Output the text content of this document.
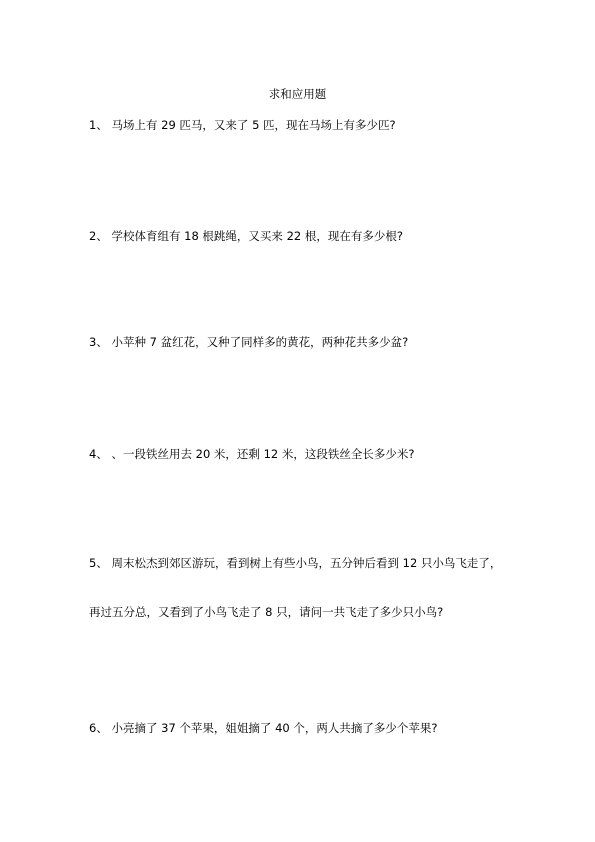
求和应用题
1、 马场上有 29 匹马，又来了 5 匹，现在马场上有多少匹?
2、 学校体育组有 18 根跳绳，又买来 22 根，现在有多少根?
3、 小苹种 7 盆红花，又种了同样多的黄花，两种花共多少盆?
4、 、一段铁丝用去 20 米，还剩 12 米，这段铁丝全长多少米?
5、 周末松杰到郊区游玩，看到树上有些小鸟，五分钟后看到 12 只小鸟飞走了，
再过五分总，又看到了小鸟飞走了 8 只，请问一共飞走了多少只小鸟?
6、 小亮摘了 37 个苹果，姐姐摘了 40 个，两人共摘了多少个苹果?
